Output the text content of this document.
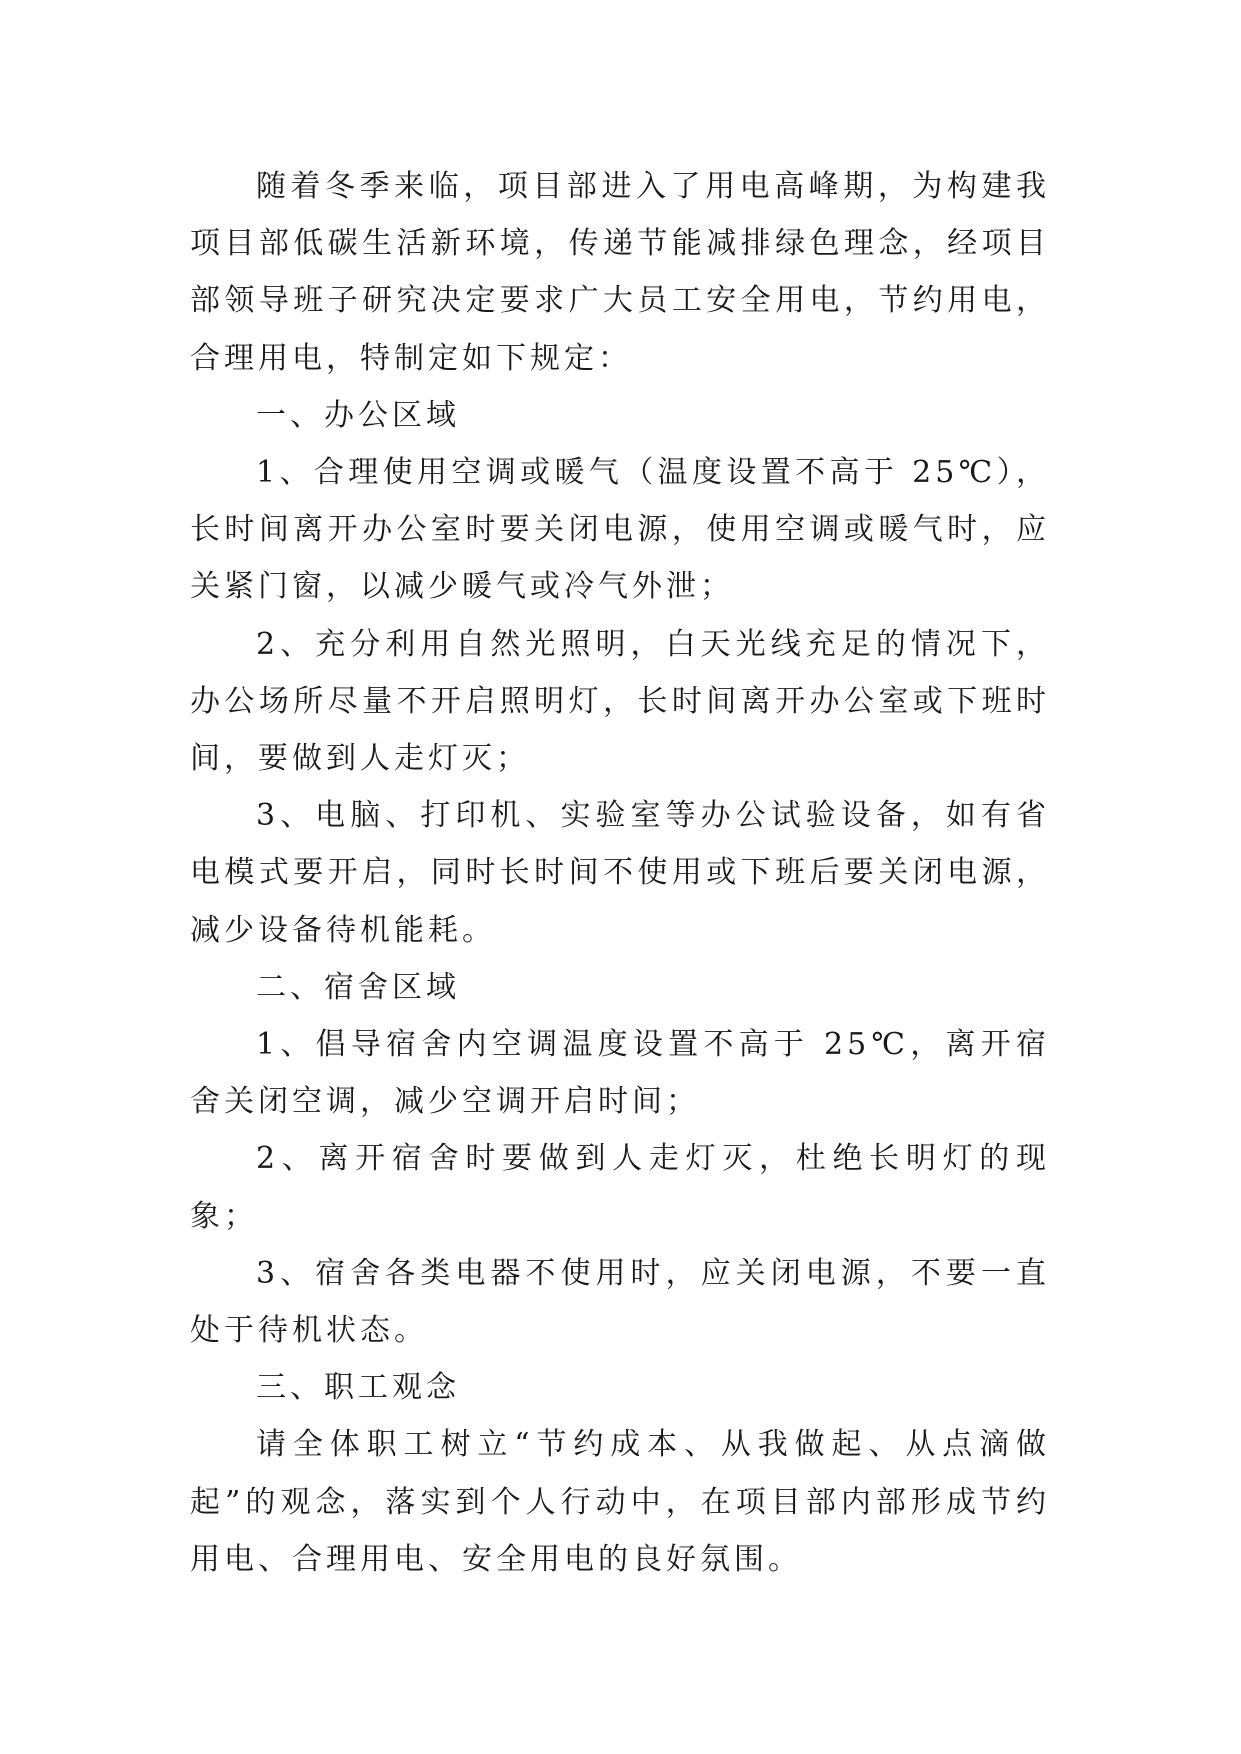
随着冬季来临，项目部进入了用电高峰期，为构建我项目部低碳生活新环境，传递节能减排绿色理念，经项目部领导班子研究决定要求广大员工安全用电，节约用电，合理用电，特制定如下规定：

一、办公区域

1、合理使用空调或暖气（温度设置不高于 25℃），长时间离开办公室时要关闭电源，使用空调或暖气时，应关紧门窗，以减少暖气或冷气外泄；

2、充分利用自然光照明，白天光线充足的情况下，办公场所尽量不开启照明灯，长时间离开办公室或下班时间，要做到人走灯灭；

3、电脑、打印机、实验室等办公试验设备，如有省电模式要开启，同时长时间不使用或下班后要关闭电源，减少设备待机能耗。

二、宿舍区域

1、倡导宿舍内空调温度设置不高于 25℃，离开宿舍关闭空调，减少空调开启时间；

2、离开宿舍时要做到人走灯灭，杜绝长明灯的现象；

3、宿舍各类电器不使用时，应关闭电源，不要一直处于待机状态。

三、职工观念

请全体职工树立“节约成本、从我做起、从点滴做起”的观念，落实到个人行动中，在项目部内部形成节约用电、合理用电、安全用电的良好氛围。
